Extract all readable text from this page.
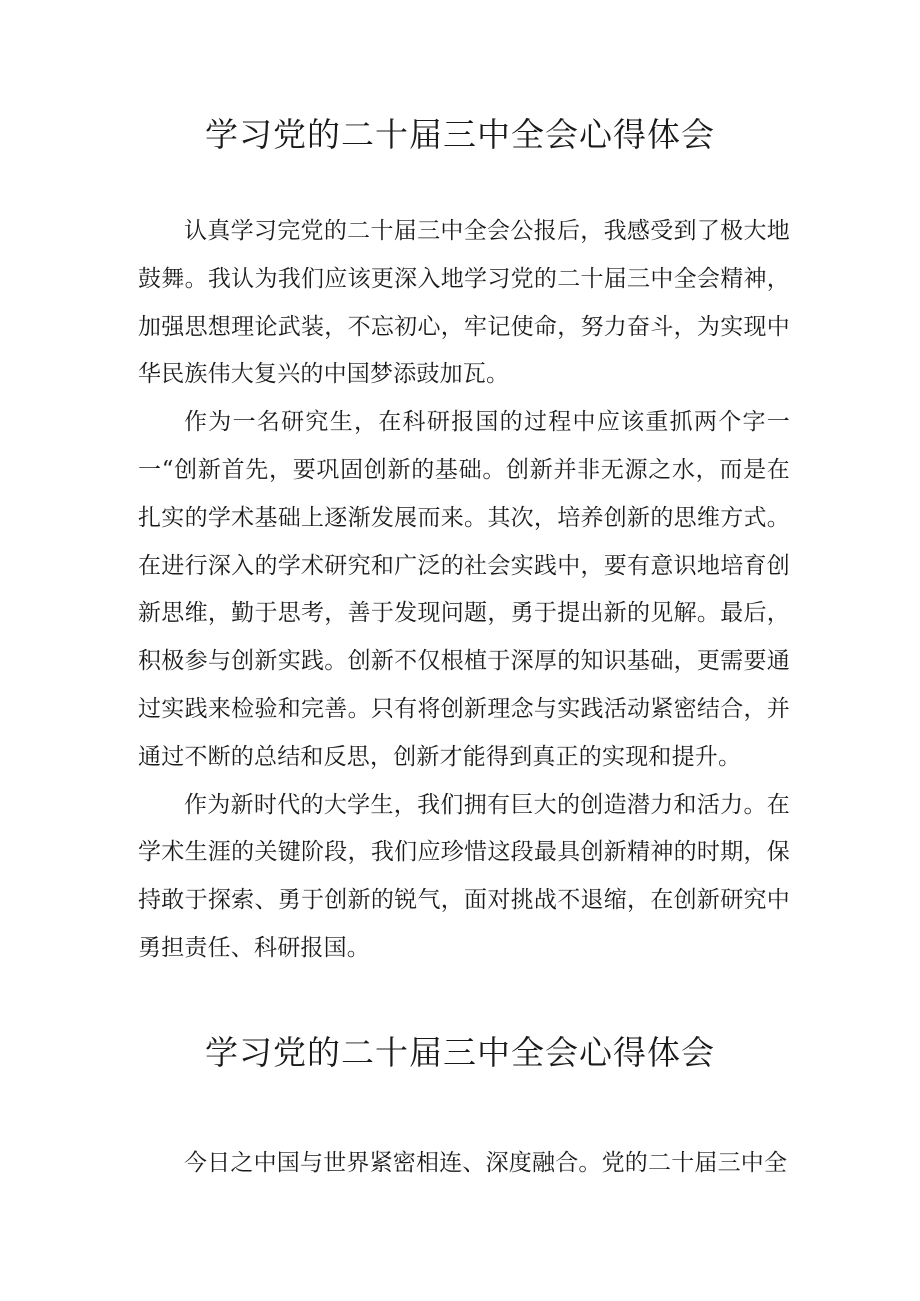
学习党的二十届三中全会心得体会

认真学习完党的二十届三中全会公报后，我感受到了极大地鼓舞。我认为我们应该更深入地学习党的二十届三中全会精神，加强思想理论武装，不忘初心，牢记使命，努力奋斗，为实现中华民族伟大复兴的中国梦添豉加瓦。

作为一名研究生，在科研报国的过程中应该重抓两个字一一“创新首先，要巩固创新的基础。创新并非无源之水，而是在扎实的学术基础上逐渐发展而来。其次，培养创新的思维方式。在进行深入的学术研究和广泛的社会实践中，要有意识地培育创新思维，勤于思考，善于发现问题，勇于提出新的见解。最后，积极参与创新实践。创新不仅根植于深厚的知识基础，更需要通过实践来检验和完善。只有将创新理念与实践活动紧密结合，并通过不断的总结和反思，创新才能得到真正的实现和提升。

作为新时代的大学生，我们拥有巨大的创造潜力和活力。在学术生涯的关键阶段，我们应珍惜这段最具创新精神的时期，保持敢于探索、勇于创新的锐气，面对挑战不退缩，在创新研究中勇担责任、科研报国。

学习党的二十届三中全会心得体会

今日之中国与世界紧密相连、深度融合。党的二十届三中全
